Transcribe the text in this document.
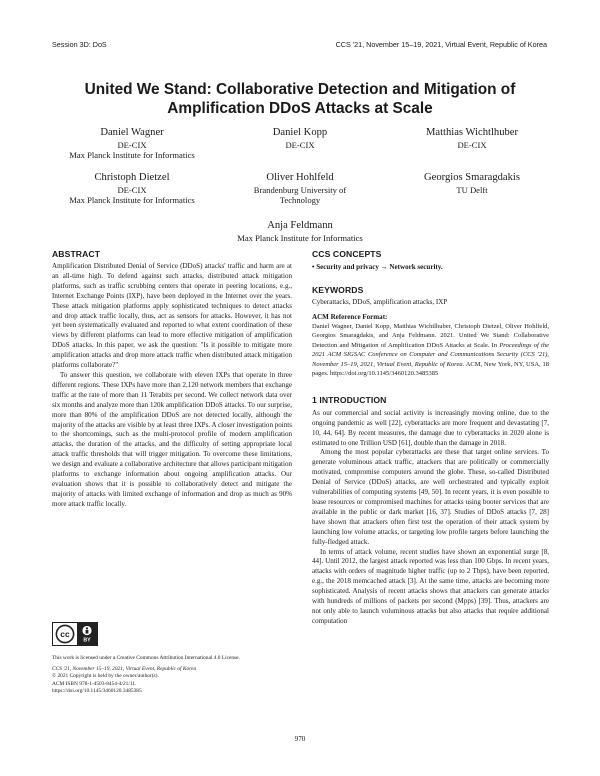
Session 3D: DoS	CCS '21, November 15–19, 2021, Virtual Event, Republic of Korea
United We Stand: Collaborative Detection and Mitigation of
Amplification DDoS Attacks at Scale
Daniel Wagner
DE-CIX
Max Planck Institute for Informatics
Daniel Kopp
DE-CIX
Matthias Wichtlhuber
DE-CIX
Christoph Dietzel
DE-CIX
Max Planck Institute for Informatics
Oliver Hohlfeld
Brandenburg University of
Technology
Georgios Smaragdakis
TU Delft
Anja Feldmann
Max Planck Institute for Informatics
ABSTRACT
Amplification Distributed Denial of Service (DDoS) attacks' traffic and harm are at an all-time high. To defend against such attacks, distributed attack mitigation platforms, such as traffic scrubbing centers that operate in peering locations, e.g., Internet Exchange Points (IXP), have been deployed in the Internet over the years. These attack mitigation platforms apply sophisticated techniques to detect attacks and drop attack traffic locally, thus, act as sensors for attacks. However, it has not yet been systematically evaluated and reported to what extent coordination of these views by different platforms can lead to more effective mitigation of amplification DDoS attacks. In this paper, we ask the question: "Is it possible to mitigate more amplification attacks and drop more attack traffic when distributed attack mitigation platforms collaborate?"
To answer this question, we collaborate with eleven IXPs that operate in three different regions. These IXPs have more than 2,120 network members that exchange traffic at the rate of more than 11 Terabits per second. We collect network data over six months and analyze more than 120k amplification DDoS attacks. To our surprise, more than 80% of the amplification DDoS are not detected locally, although the majority of the attacks are visible by at least three IXPs. A closer investigation points to the shortcomings, such as the multi-protocol profile of modern amplification attacks, the duration of the attacks, and the difficulty of setting appropriate local attack traffic thresholds that will trigger mitigation. To overcome these limitations, we design and evaluate a collaborative architecture that allows participant mitigation platforms to exchange information about ongoing amplification attacks. Our evaluation shows that it is possible to collaboratively detect and mitigate the majority of attacks with limited exchange of information and drop as much as 90% more attack traffic locally.
cc
BY
This work is licensed under a Creative Commons Attribution International 4.0 License.
CCS '21, November 15–19, 2021, Virtual Event, Republic of Korea
© 2021 Copyright is held by the owner/author(s).
ACM ISBN 978-1-4503-8454-4/21/11.
https://doi.org/10.1145/3460120.3485385
CCS CONCEPTS
• Security and privacy → Network security.
KEYWORDS
Cyberattacks, DDoS, amplification attacks, IXP
ACM Reference Format:
Daniel Wagner, Daniel Kopp, Matthias Wichtlhuber, Christoph Dietzel, Oliver Hohlfeld, Georgios Smaragdakis, and Anja Feldmann. 2021. United We Stand: Collaborative Detection and Mitigation of Amplification DDoS Attacks at Scale. In Proceedings of the 2021 ACM SIGSAC Conference on Computer and Communications Security (CCS '21), November 15–19, 2021, Virtual Event, Republic of Korea. ACM, New York, NY, USA, 18 pages. https://doi.org/10.1145/3460120.3485385
1 INTRODUCTION
As our commercial and social activity is increasingly moving online, due to the ongoing pandemic as well [22], cyberattacks are more frequent and devastating [7, 10, 44, 64]. By recent measures, the damage due to cyberattacks in 2020 alone is estimated to one Trillion USD [61], double than the damage in 2018.
Among the most popular cyberattacks are these that target online services. To generate voluminous attack traffic, attackers that are politically or commercially motivated, compromise computers around the globe. These, so-called Distributed Denial of Service (DDoS) attacks, are well orchestrated and typically exploit vulnerabilities of computing systems [49, 50]. In recent years, it is even possible to lease resources or compromised machines for attacks using booter services that are available in the public or dark market [16, 37]. Studies of DDoS attacks [7, 28] have shown that attackers often first test the operation of their attack system by launching low volume attacks, or targeting low profile targets before launching the fully-fledged attack.
In terms of attack volume, recent studies have shown an exponential surge [8, 44]. Until 2012, the largest attack reported was less than 100 Gbps. In recent years, attacks with orders of magnitude higher traffic (up to 2 Tbps), have been reported, e.g., the 2018 memcached attack [3]. At the same time, attacks are becoming more sophisticated. Analysis of recent attacks shows that attackers can generate attacks with hundreds of millions of packets per second (Mpps) [39]. Thus, attackers are not only able to launch voluminous attacks but also attacks that require additional computation
970
